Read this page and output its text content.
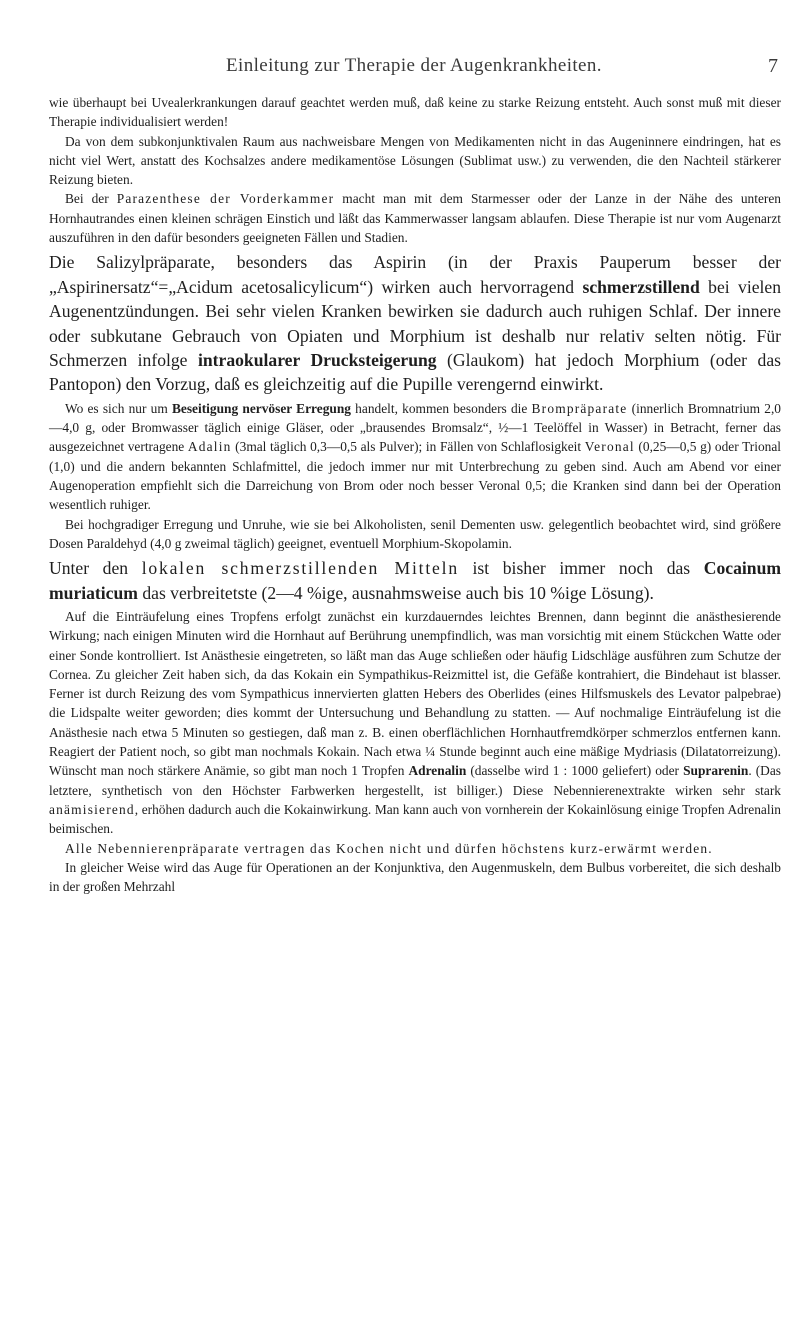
Einleitung zur Therapie der Augenkrankheiten.	7

wie überhaupt bei Uvealerkrankungen darauf geachtet werden muß, daß keine zu starke Reizung entsteht. Auch sonst muß mit dieser Therapie individualisiert werden!

Da von dem subkonjunktivalen Raum aus nachweisbare Mengen von Medikamenten nicht in das Augeninnere eindringen, hat es nicht viel Wert, anstatt des Kochsalzes andere medikamentöse Lösungen (Sublimat usw.) zu verwenden, die den Nachteil stärkerer Reizung bieten.

Bei der Parazenthese der Vorderkammer macht man mit dem Starmesser oder der Lanze in der Nähe des unteren Hornhautrandes einen kleinen schrägen Einstich und läßt das Kammerwasser langsam ablaufen. Diese Therapie ist nur vom Augenarzt auszuführen in den dafür besonders geeigneten Fällen und Stadien.

Die Salizylpräparate, besonders das Aspirin (in der Praxis Pauperum besser der „Aspirinersatz“=„Acidum acetosalicylicum“) wirken auch hervorragend schmerzstillend bei vielen Augenentzündungen. Bei sehr vielen Kranken bewirken sie dadurch auch ruhigen Schlaf. Der innere oder subkutane Gebrauch von Opiaten und Morphium ist deshalb nur relativ selten nötig. Für Schmerzen infolge intraokularer Drucksteigerung (Glaukom) hat jedoch Morphium (oder das Pantopon) den Vorzug, daß es gleichzeitig auf die Pupille verengernd einwirkt.

Wo es sich nur um Beseitigung nervöser Erregung handelt, kommen besonders die Brompräparate (innerlich Bromnatrium 2,0—4,0 g, oder Bromwasser täglich einige Gläser, oder „brausendes Bromsalz“, ½—1 Teelöffel in Wasser) in Betracht, ferner das ausgezeichnet vertragene Adalin (3mal täglich 0,3—0,5 als Pulver); in Fällen von Schlaflosigkeit Veronal (0,25—0,5 g) oder Trional (1,0) und die andern bekannten Schlafmittel, die jedoch immer nur mit Unterbrechung zu geben sind. Auch am Abend vor einer Augenoperation empfiehlt sich die Darreichung von Brom oder noch besser Veronal 0,5; die Kranken sind dann bei der Operation wesentlich ruhiger.

Bei hochgradiger Erregung und Unruhe, wie sie bei Alkoholisten, senil Dementen usw. gelegentlich beobachtet wird, sind größere Dosen Paraldehyd (4,0 g zweimal täglich) geeignet, eventuell Morphium-Skopolamin.

Unter den lokalen schmerzstillenden Mitteln ist bisher immer noch das Cocainum muriaticum das verbreitetste (2—4 %ige, ausnahmsweise auch bis 10 %ige Lösung).

Auf die Einträufelung eines Tropfens erfolgt zunächst ein kurzdauerndes leichtes Brennen, dann beginnt die anästhesierende Wirkung; nach einigen Minuten wird die Hornhaut auf Berührung unempfindlich, was man vorsichtig mit einem Stückchen Watte oder einer Sonde kontrolliert. Ist Anästhesie eingetreten, so läßt man das Auge schließen oder häufig Lidschläge ausführen zum Schutze der Cornea. Zu gleicher Zeit haben sich, da das Kokain ein Sympathikus-Reizmittel ist, die Gefäße kontrahiert, die Bindehaut ist blasser. Ferner ist durch Reizung des vom Sympathicus innervierten glatten Hebers des Oberlides (eines Hilfsmuskels des Levator palpebrae) die Lidspalte weiter geworden; dies kommt der Untersuchung und Behandlung zu statten. — Auf nochmalige Einträufelung ist die Anästhesie nach etwa 5 Minuten so gestiegen, daß man z. B. einen oberflächlichen Hornhautfremdkörper schmerzlos entfernen kann. Reagiert der Patient noch, so gibt man nochmals Kokain. Nach etwa ¼ Stunde beginnt auch eine mäßige Mydriasis (Dilatatorreizung). Wünscht man noch stärkere Anämie, so gibt man noch 1 Tropfen Adrenalin (dasselbe wird 1 : 1000 geliefert) oder Suprarenin. (Das letztere, synthetisch von den Höchster Farbwerken hergestellt, ist billiger.) Diese Nebennierenextrakte wirken sehr stark anämisierend, erhöhen dadurch auch die Kokainwirkung. Man kann auch von vornherein der Kokainlösung einige Tropfen Adrenalin beimischen.

Alle Nebennierenpräparate vertragen das Kochen nicht und dürfen höchstens kurz-erwärmt werden.

In gleicher Weise wird das Auge für Operationen an der Konjunktiva, den Augenmuskeln, dem Bulbus vorbereitet, die sich deshalb in der großen Mehrzahl
